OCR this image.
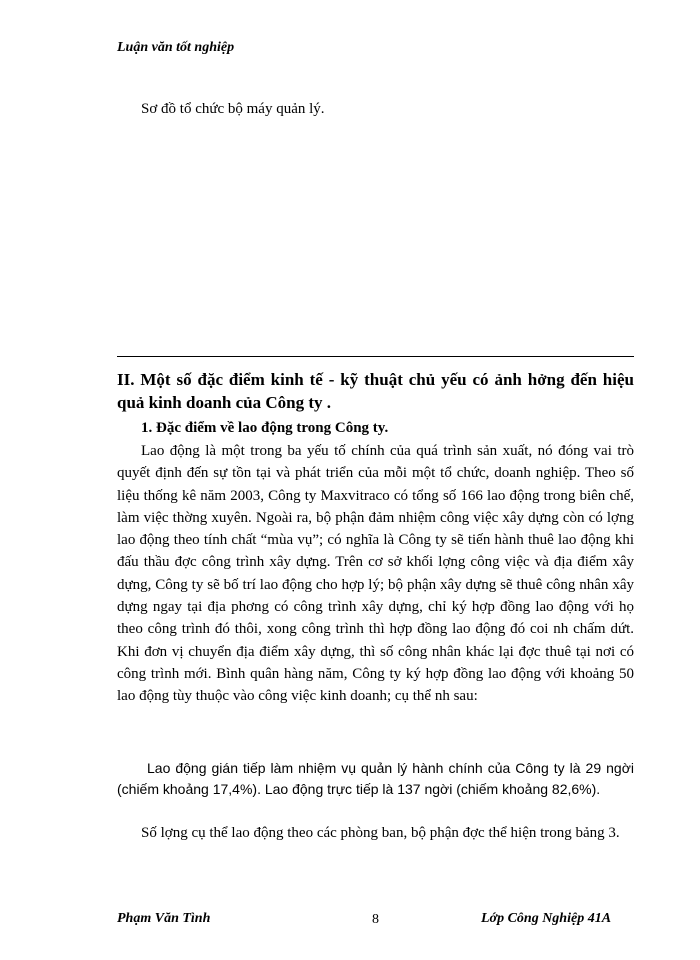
Luận văn tốt nghiệp
Sơ đồ tổ chức bộ máy quản lý.
II. Một số đặc điểm kinh tế - kỹ thuật chủ yếu có ảnh hởng đến hiệu quả kinh doanh của Công ty .
1. Đặc điểm về lao động trong Công ty.

Lao động là một trong ba yếu tố chính của quá trình sản xuất, nó đóng vai trò quyết định đến sự tồn tại và phát triển của mỗi một tổ chức, doanh nghiệp. Theo số liệu thống kê năm 2003, Công ty Maxvitraco có tổng số 166 lao động trong biên chế, làm việc thờng xuyên. Ngoài ra, bộ phận đảm nhiệm công việc xây dựng còn có lợng lao động theo tính chất “mùa vụ”; có nghĩa là Công ty sẽ tiến hành thuê lao động khi đấu thầu đợc công trình xây dựng. Trên cơ sở khối lợng công việc và địa điểm xây dựng, Công ty sẽ bố trí lao động cho hợp lý; bộ phận xây dựng sẽ thuê công nhân xây dựng ngay tại địa phơng có công trình xây dựng, chỉ ký hợp đồng lao động với họ theo công trình đó thôi, xong công trình thì hợp đồng lao động đó coi nh chấm dứt. Khi đơn vị chuyển địa điểm xây dựng, thì số công nhân khác lại đợc thuê tại nơi có công trình mới. Bình quân hàng năm, Công ty ký hợp đồng lao động với khoảng 50 lao động tùy thuộc vào công việc kinh doanh; cụ thể nh sau:

Lao động gián tiếp làm nhiệm vụ quản lý hành chính của Công ty là 29 ngời (chiếm khoảng 17,4%). Lao động trực tiếp là 137 ngời (chiếm khoảng 82,6%).

Số lợng cụ thể lao động theo các phòng ban, bộ phận đợc thể hiện trong bảng 3.

Phạm Văn Tình	8	Lớp Công Nghiệp 41A
